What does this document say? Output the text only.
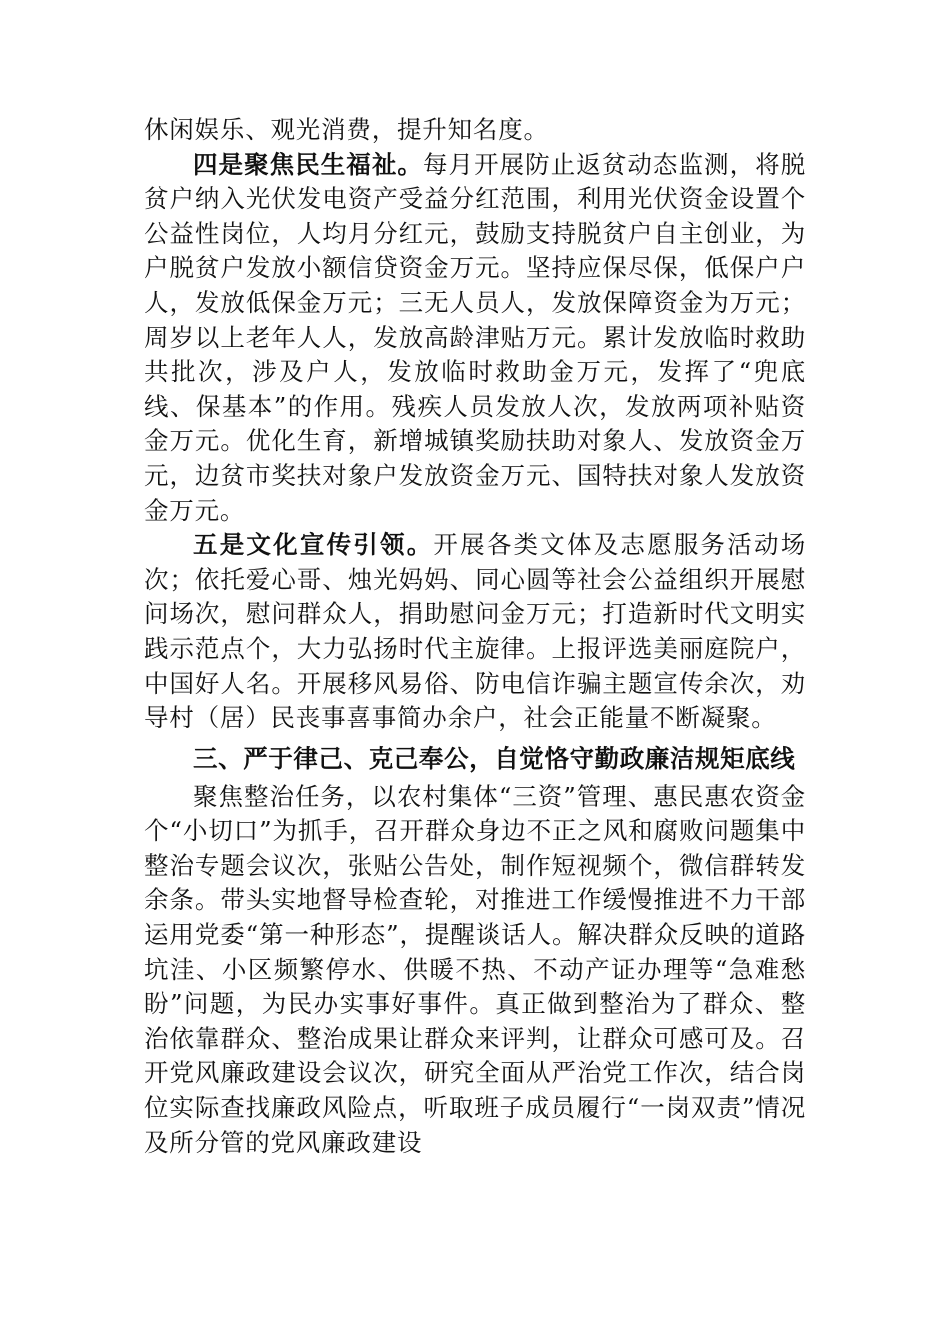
休闲娱乐、观光消费，提升知名度。

四是聚焦民生福祉。每月开展防止返贫动态监测，将脱贫户纳入光伏发电资产受益分红范围，利用光伏资金设置个公益性岗位，人均月分红元，鼓励支持脱贫户自主创业，为户脱贫户发放小额信贷资金万元。坚持应保尽保，低保户户人，发放低保金万元；三无人员人，发放保障资金为万元；周岁以上老年人人，发放高龄津贴万元。累计发放临时救助共批次，涉及户人，发放临时救助金万元，发挥了“兜底线、保基本”的作用。残疾人员发放人次，发放两项补贴资金万元。优化生育，新增城镇奖励扶助对象人、发放资金万元，边贫市奖扶对象户发放资金万元、国特扶对象人发放资金万元。

五是文化宣传引领。开展各类文体及志愿服务活动场次；依托爱心哥、烛光妈妈、同心圆等社会公益组织开展慰问场次，慰问群众人，捐助慰问金万元；打造新时代文明实践示范点个，大力弘扬时代主旋律。上报评选美丽庭院户，中国好人名。开展移风易俗、防电信诈骗主题宣传余次，劝导村（居）民丧事喜事简办余户，社会正能量不断凝聚。

三、严于律己、克己奉公，自觉恪守勤政廉洁规矩底线

聚焦整治任务，以农村集体“三资”管理、惠民惠农资金个“小切口”为抓手，召开群众身边不正之风和腐败问题集中整治专题会议次，张贴公告处，制作短视频个，微信群转发余条。带头实地督导检查轮，对推进工作缓慢推进不力干部运用党委“第一种形态”，提醒谈话人。解决群众反映的道路坑洼、小区频繁停水、供暖不热、不动产证办理等“急难愁盼”问题，为民办实事好事件。真正做到整治为了群众、整治依靠群众、整治成果让群众来评判，让群众可感可及。召开党风廉政建设会议次，研究全面从严治党工作次，结合岗位实际查找廉政风险点，听取班子成员履行“一岗双责”情况及所分管的党风廉政建设
